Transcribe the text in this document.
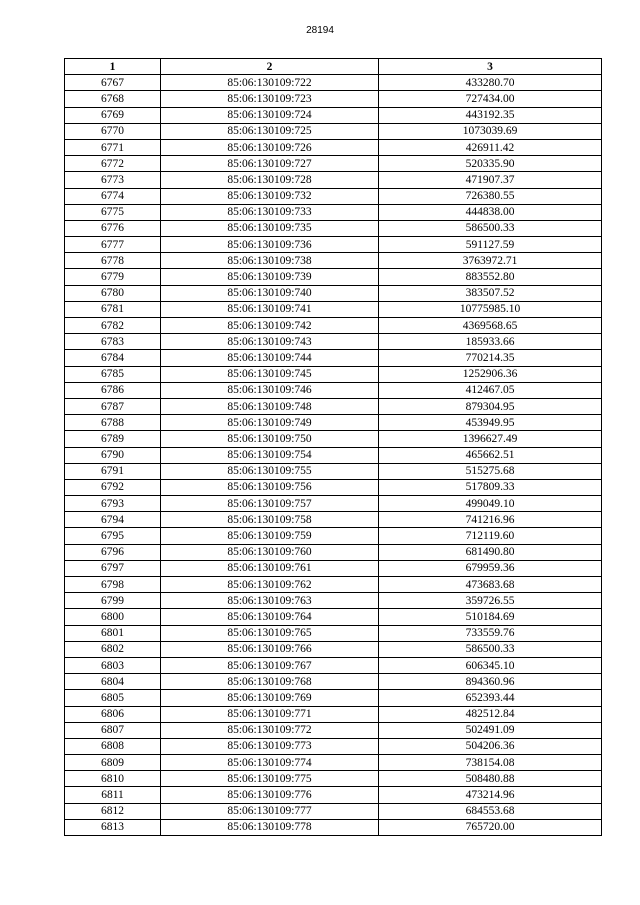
28194
1	2	3
6767	85:06:130109:722	433280.70
6768	85:06:130109:723	727434.00
6769	85:06:130109:724	443192.35
6770	85:06:130109:725	1073039.69
6771	85:06:130109:726	426911.42
6772	85:06:130109:727	520335.90
6773	85:06:130109:728	471907.37
6774	85:06:130109:732	726380.55
6775	85:06:130109:733	444838.00
6776	85:06:130109:735	586500.33
6777	85:06:130109:736	591127.59
6778	85:06:130109:738	3763972.71
6779	85:06:130109:739	883552.80
6780	85:06:130109:740	383507.52
6781	85:06:130109:741	10775985.10
6782	85:06:130109:742	4369568.65
6783	85:06:130109:743	185933.66
6784	85:06:130109:744	770214.35
6785	85:06:130109:745	1252906.36
6786	85:06:130109:746	412467.05
6787	85:06:130109:748	879304.95
6788	85:06:130109:749	453949.95
6789	85:06:130109:750	1396627.49
6790	85:06:130109:754	465662.51
6791	85:06:130109:755	515275.68
6792	85:06:130109:756	517809.33
6793	85:06:130109:757	499049.10
6794	85:06:130109:758	741216.96
6795	85:06:130109:759	712119.60
6796	85:06:130109:760	681490.80
6797	85:06:130109:761	679959.36
6798	85:06:130109:762	473683.68
6799	85:06:130109:763	359726.55
6800	85:06:130109:764	510184.69
6801	85:06:130109:765	733559.76
6802	85:06:130109:766	586500.33
6803	85:06:130109:767	606345.10
6804	85:06:130109:768	894360.96
6805	85:06:130109:769	652393.44
6806	85:06:130109:771	482512.84
6807	85:06:130109:772	502491.09
6808	85:06:130109:773	504206.36
6809	85:06:130109:774	738154.08
6810	85:06:130109:775	508480.88
6811	85:06:130109:776	473214.96
6812	85:06:130109:777	684553.68
6813	85:06:130109:778	765720.00
